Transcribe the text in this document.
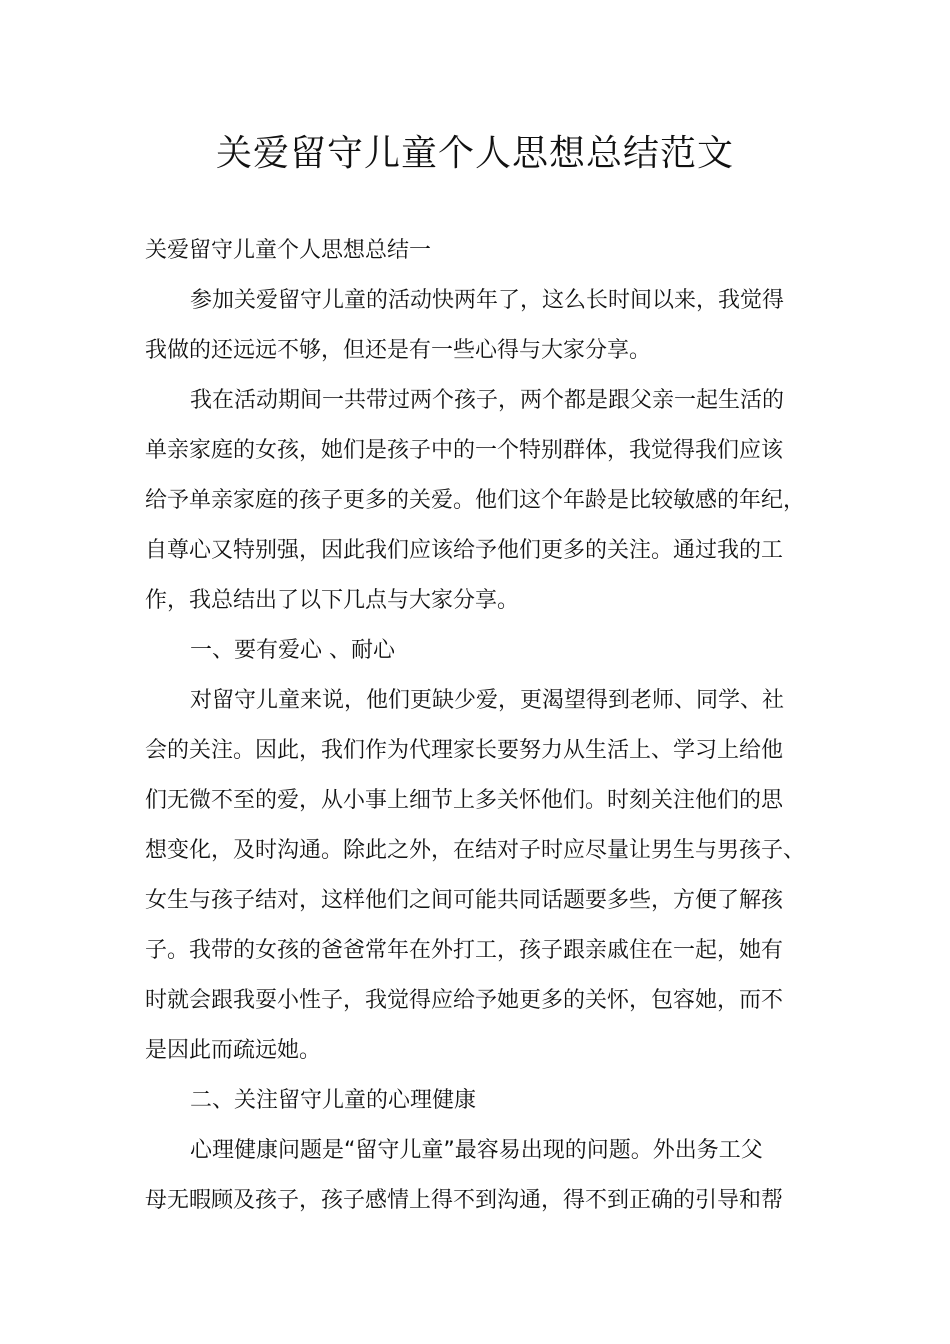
关爱留守儿童个人思想总结范文
关爱留守儿童个人思想总结一
参加关爱留守儿童的活动快两年了，这么长时间以来，我觉得
我做的还远远不够，但还是有一些心得与大家分享。
我在活动期间一共带过两个孩子，两个都是跟父亲一起生活的
单亲家庭的女孩，她们是孩子中的一个特别群体，我觉得我们应该
给予单亲家庭的孩子更多的关爱。他们这个年龄是比较敏感的年纪，
自尊心又特别强，因此我们应该给予他们更多的关注。通过我的工
作，我总结出了以下几点与大家分享。
一、要有爱心 、耐心
对留守儿童来说，他们更缺少爱，更渴望得到老师、同学、社
会的关注。因此，我们作为代理家长要努力从生活上、学习上给他
们无微不至的爱，从小事上细节上多关怀他们。时刻关注他们的思
想变化，及时沟通。除此之外，在结对子时应尽量让男生与男孩子、
女生与孩子结对，这样他们之间可能共同话题要多些，方便了解孩
子。我带的女孩的爸爸常年在外打工，孩子跟亲戚住在一起，她有
时就会跟我耍小性子，我觉得应给予她更多的关怀，包容她，而不
是因此而疏远她。
二、关注留守儿童的心理健康
心理健康问题是“留守儿童”最容易出现的问题。外出务工父
母无暇顾及孩子，孩子感情上得不到沟通，得不到正确的引导和帮
